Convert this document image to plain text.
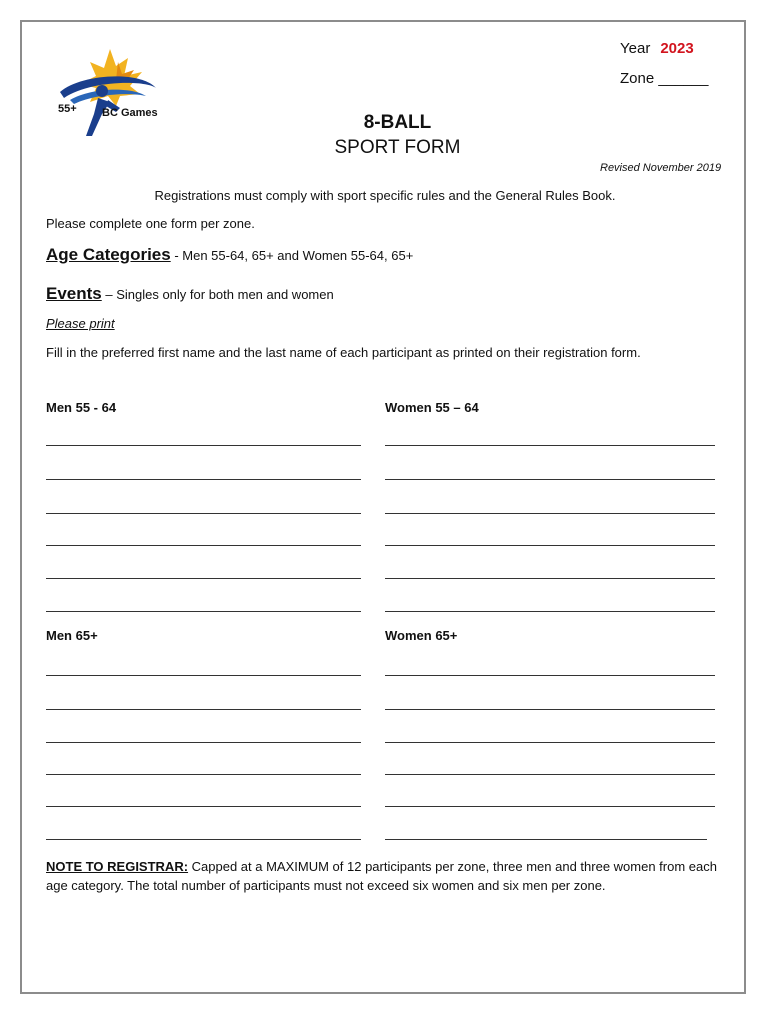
55+ BC Games
Year 2023
Zone ______
8-BALL
SPORT FORM
Revised November 2019
Registrations must comply with sport specific rules and the General Rules Book.
Please complete one form per zone.
Age Categories - Men 55-64, 65+ and Women 55-64, 65+
Events – Singles only for both men and women
Please print
Fill in the preferred first name and the last name of each participant as printed on their registration form.
Men 55 - 64	Women 55 – 64
Men 65+	Women 65+
NOTE TO REGISTRAR: Capped at a MAXIMUM of 12 participants per zone, three men and three women from each age category. The total number of participants must not exceed six women and six men per zone.
